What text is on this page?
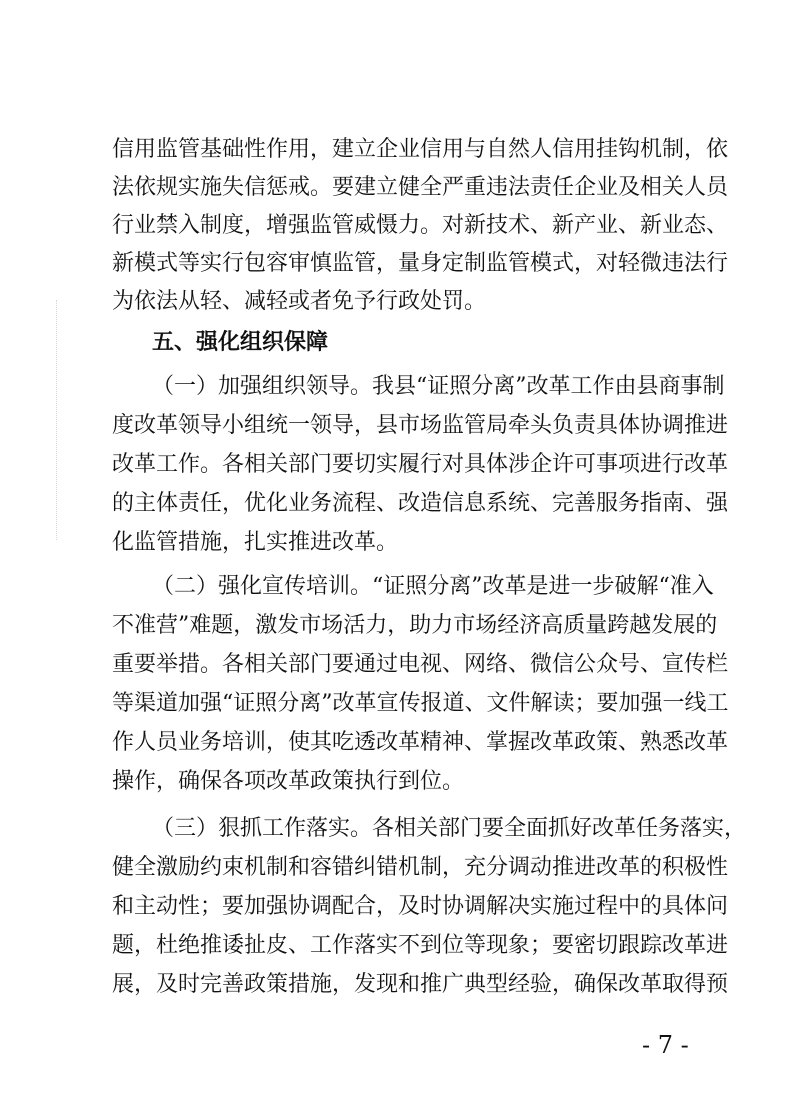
信用监管基础性作用，建立企业信用与自然人信用挂钩机制，依
法依规实施失信惩戒。要建立健全严重违法责任企业及相关人员
行业禁入制度，增强监管威慑力。对新技术、新产业、新业态、
新模式等实行包容审慎监管，量身定制监管模式，对轻微违法行
为依法从轻、减轻或者免予行政处罚。
五、强化组织保障
（一）加强组织领导。我县“证照分离”改革工作由县商事制
度改革领导小组统一领导，县市场监管局牵头负责具体协调推进
改革工作。各相关部门要切实履行对具体涉企许可事项进行改革
的主体责任，优化业务流程、改造信息系统、完善服务指南、强
化监管措施，扎实推进改革。
（二）强化宣传培训。“证照分离”改革是进一步破解“准入
不准营”难题，激发市场活力，助力市场经济高质量跨越发展的
重要举措。各相关部门要通过电视、网络、微信公众号、宣传栏
等渠道加强“证照分离”改革宣传报道、文件解读；要加强一线工
作人员业务培训，使其吃透改革精神、掌握改革政策、熟悉改革
操作，确保各项改革政策执行到位。
（三）狠抓工作落实。各相关部门要全面抓好改革任务落实，
健全激励约束机制和容错纠错机制，充分调动推进改革的积极性
和主动性；要加强协调配合，及时协调解决实施过程中的具体问
题，杜绝推诿扯皮、工作落实不到位等现象；要密切跟踪改革进
展，及时完善政策措施，发现和推广典型经验，确保改革取得预
- 7 -
